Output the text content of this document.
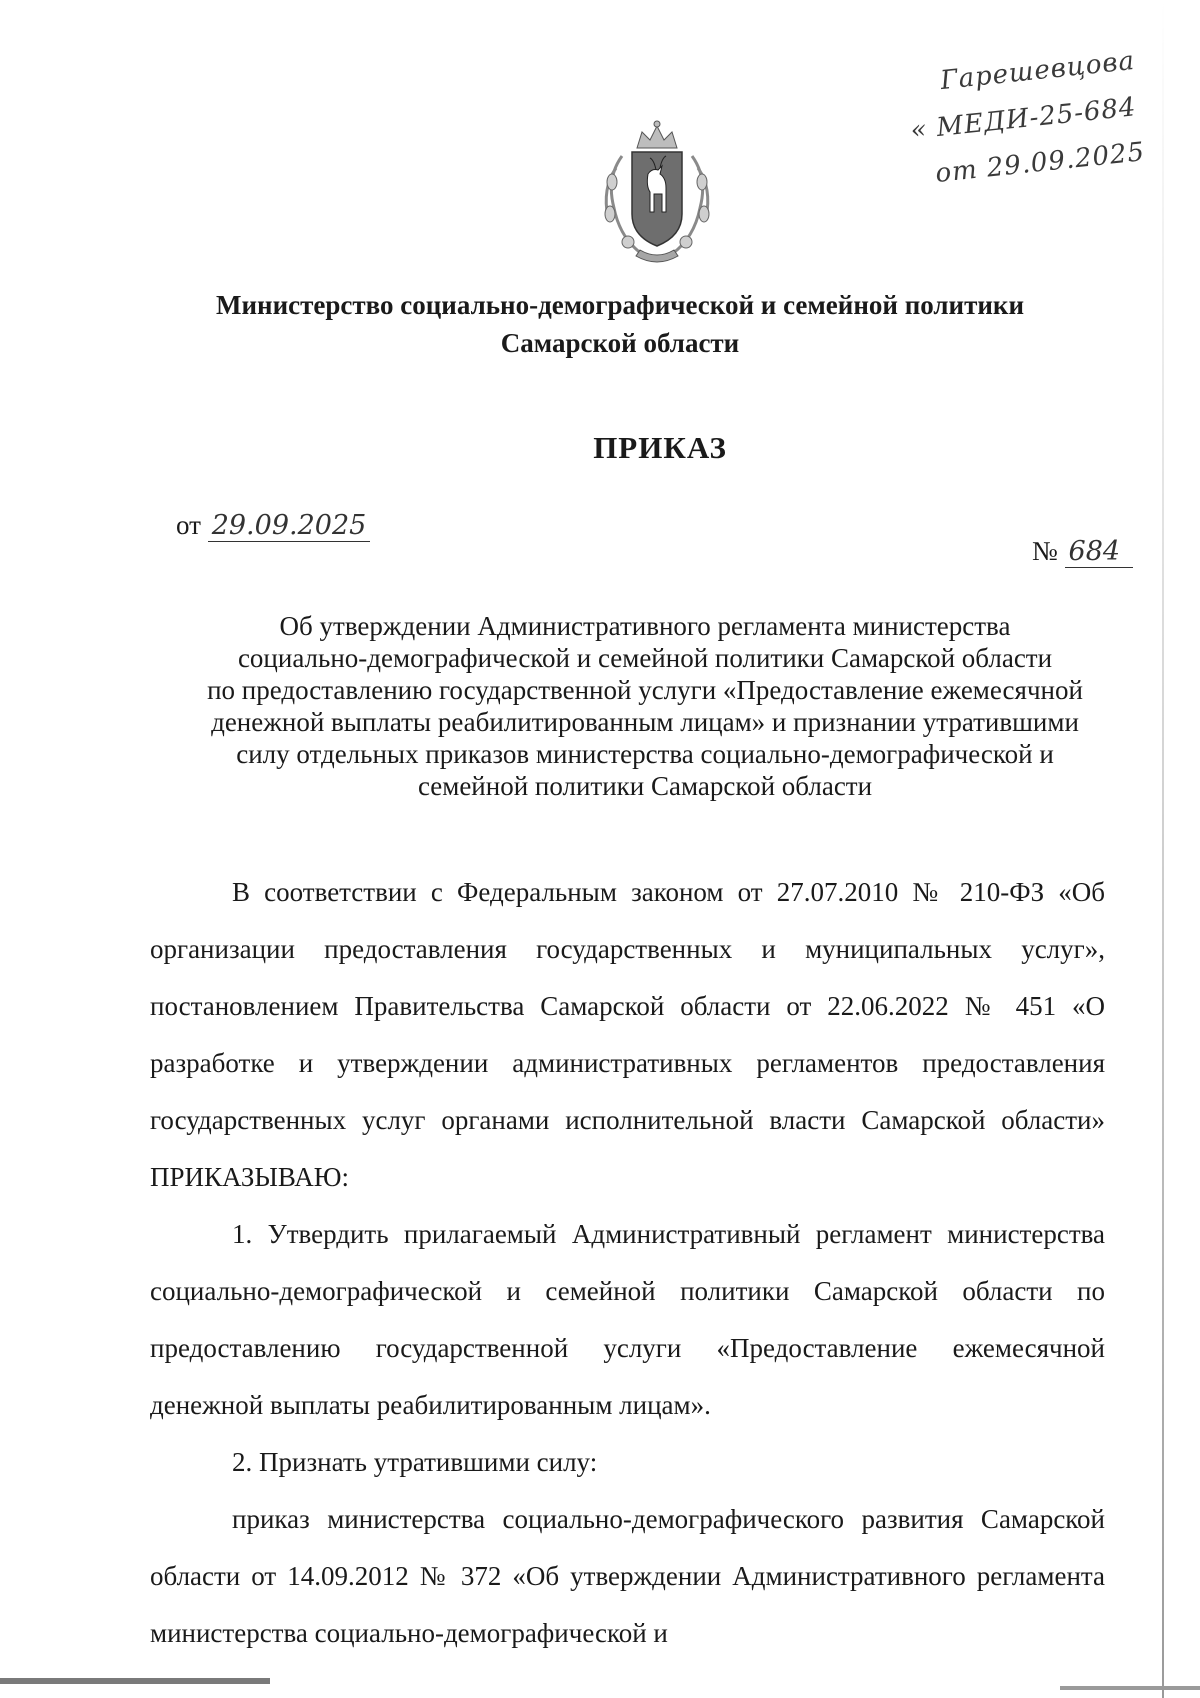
Гарешевцова
« МЕДИ-25-684
от 29.09.2025
Министерство социально-демографической и семейной политики
Самарской области
ПРИКАЗ
от 29.09.2025
№ 684
Об утверждении Административного регламента министерства
социально-демографической и семейной политики Самарской области
по предоставлению государственной услуги «Предоставление ежемесячной
денежной выплаты реабилитированным лицам» и признании утратившими
силу отдельных приказов министерства социально-демографической и
семейной политики Самарской области

В соответствии с Федеральным законом от 27.07.2010 № 210-ФЗ «Об организации предоставления государственных и муниципальных услуг», постановлением Правительства Самарской области от 22.06.2022 № 451 «О разработке и утверждении административных регламентов предоставления государственных услуг органами исполнительной власти Самарской области» ПРИКАЗЫВАЮ:

1. Утвердить прилагаемый Административный регламент министерства социально-демографической и семейной политики Самарской области по предоставлению государственной услуги «Предоставление ежемесячной денежной выплаты реабилитированным лицам».

2. Признать утратившими силу:

приказ министерства социально-демографического развития Самарской области от 14.09.2012 № 372 «Об утверждении Административного регламента министерства социально-демографической и
